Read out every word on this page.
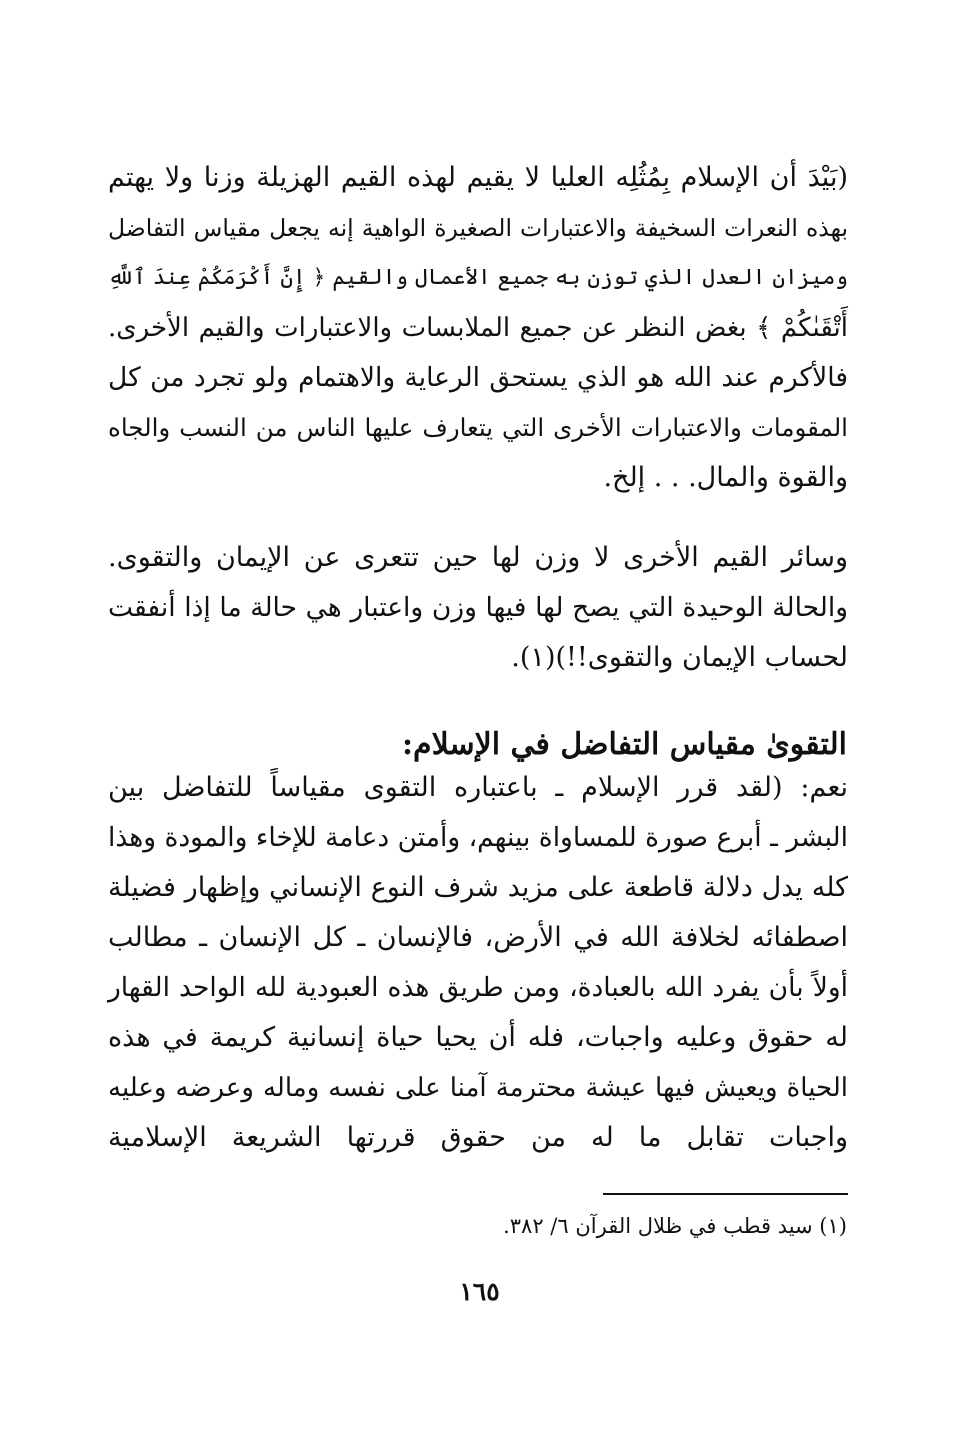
(بَيْدَ أن الإسلام بِمُثُلِه العليا لا يقيم لهذه القيم الهزيلة وزنا ولا يهتم
بهذه النعرات السخيفة والاعتبارات الصغيرة الواهية إنه يجعل مقياس التفاضل
وميزان العدل الذي توزن به جميع الأعمال والقيم ﴿ إِنَّ أَكْرَمَكُمْ عِندَ ٱللَّهِ
أَتْقَىٰكُمْ ﴾ بغض النظر عن جميع الملابسات والاعتبارات والقيم الأخرى.
فالأكرم عند الله هو الذي يستحق الرعاية والاهتمام ولو تجرد من كل
المقومات والاعتبارات الأخرى التي يتعارف عليها الناس من النسب والجاه
والقوة والمال. . . إلخ.
وسائر القيم الأخرى لا وزن لها حين تتعرى عن الإيمان والتقوى.
والحالة الوحيدة التي يصح لها فيها وزن واعتبار هي حالة ما إذا أنفقت
لحساب الإيمان والتقوى!!)(١).
التقوىٰ مقياس التفاضل في الإسلام:
نعم: (لقد قرر الإسلام ـ باعتباره التقوى مقياساً للتفاضل بين
البشر ـ أبرع صورة للمساواة بينهم، وأمتن دعامة للإخاء والمودة وهذا
كله يدل دلالة قاطعة على مزيد شرف النوع الإنساني وإظهار فضيلة
اصطفائه لخلافة الله في الأرض، فالإنسان ـ كل الإنسان ـ مطالب
أولاً بأن يفرد الله بالعبادة، ومن طريق هذه العبودية لله الواحد القهار
له حقوق وعليه واجبات، فله أن يحيا حياة إنسانية كريمة في هذه
الحياة ويعيش فيها عيشة محترمة آمنا على نفسه وماله وعرضه وعليه
واجبات تقابل ما له من حقوق قررتها الشريعة الإسلامية
(١) سيد قطب في ظلال القرآن ٦/ ٣٨٢.
١٦٥
